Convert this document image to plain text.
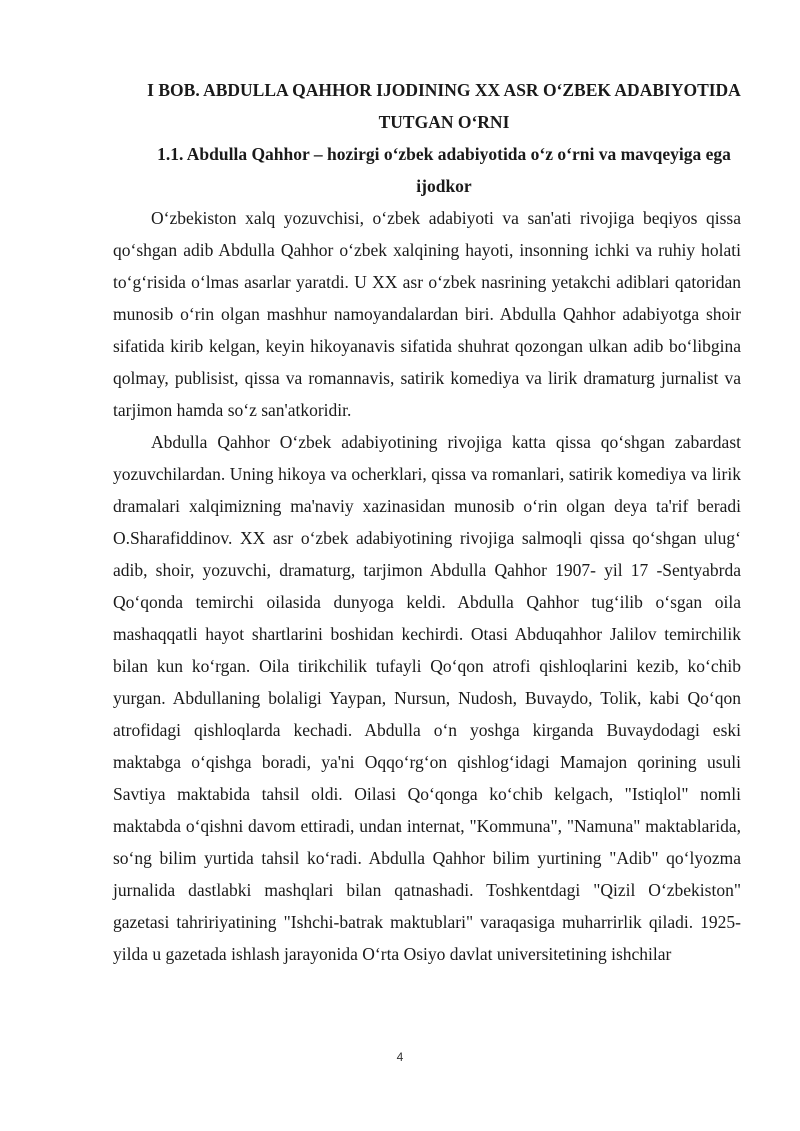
I BOB. ABDULLA QAHHOR IJODINING XX ASR O‘ZBEK ADABIYOTIDA TUTGAN O‘RNI
1.1. Abdulla Qahhor – hozirgi o‘zbek adabiyotida o‘z o‘rni va mavqeyiga ega ijodkor

O‘zbekiston xalq yozuvchisi, o‘zbek adabiyoti va san'ati rivojiga beqiyos qissa qo‘shgan adib Abdulla Qahhor o‘zbek xalqining hayoti, insonning ichki va ruhiy holati to‘g‘risida o‘lmas asarlar yaratdi. U XX asr o‘zbek nasrining yetakchi adiblari qatoridan munosib o‘rin olgan mashhur namoyandalardan biri. Abdulla Qahhor adabiyotga shoir sifatida kirib kelgan, keyin hikoyanavis sifatida shuhrat qozongan ulkan adib bo‘libgina qolmay, publisist, qissa va romannavis, satirik komediya va lirik dramaturg jurnalist va tarjimon hamda so‘z san'atkoridir.

Abdulla Qahhor O‘zbek adabiyotining rivojiga katta qissa qo‘shgan zabardast yozuvchilardan. Uning hikoya va ocherklari, qissa va romanlari, satirik komediya va lirik dramalari xalqimizning ma'naviy xazinasidan munosib o‘rin olgan deya ta'rif beradi O.Sharafiddinov. XX asr o‘zbek adabiyotining rivojiga salmoqli qissa qo‘shgan ulug‘ adib, shoir, yozuvchi, dramaturg, tarjimon Abdulla Qahhor 1907- yil 17 -Sentyabrda Qo‘qonda temirchi oilasida dunyoga keldi. Abdulla Qahhor tug‘ilib o‘sgan oila mashaqqatli hayot shartlarini boshidan kechirdi. Otasi Abduqahhor Jalilov temirchilik bilan kun ko‘rgan. Oila tirikchilik tufayli Qo‘qon atrofi qishloqlarini kezib, ko‘chib yurgan. Abdullaning bolaligi Yaypan, Nursun, Nudosh, Buvaydo, Tolik, kabi Qo‘qon atrofidagi qishloqlarda kechadi. Abdulla o‘n yoshga kirganda Buvaydodagi eski maktabga o‘qishga boradi, ya'ni Oqqo‘rg‘on qishlog‘idagi Mamajon qorining usuli Savtiya maktabida tahsil oldi. Oilasi Qo‘qonga ko‘chib kelgach, "Istiqlol" nomli maktabda o‘qishni davom ettiradi, undan internat, "Kommuna", "Namuna" maktablarida, so‘ng bilim yurtida tahsil ko‘radi. Abdulla Qahhor bilim yurtining "Adib" qo‘lyozma jurnalida dastlabki mashqlari bilan qatnashadi. Toshkentdagi "Qizil O‘zbekiston" gazetasi tahririyatining "Ishchi-batrak maktublari" varaqasiga muharrirlik qiladi. 1925-yilda u gazetada ishlash jarayonida O‘rta Osiyo davlat universitetining ishchilar

4
